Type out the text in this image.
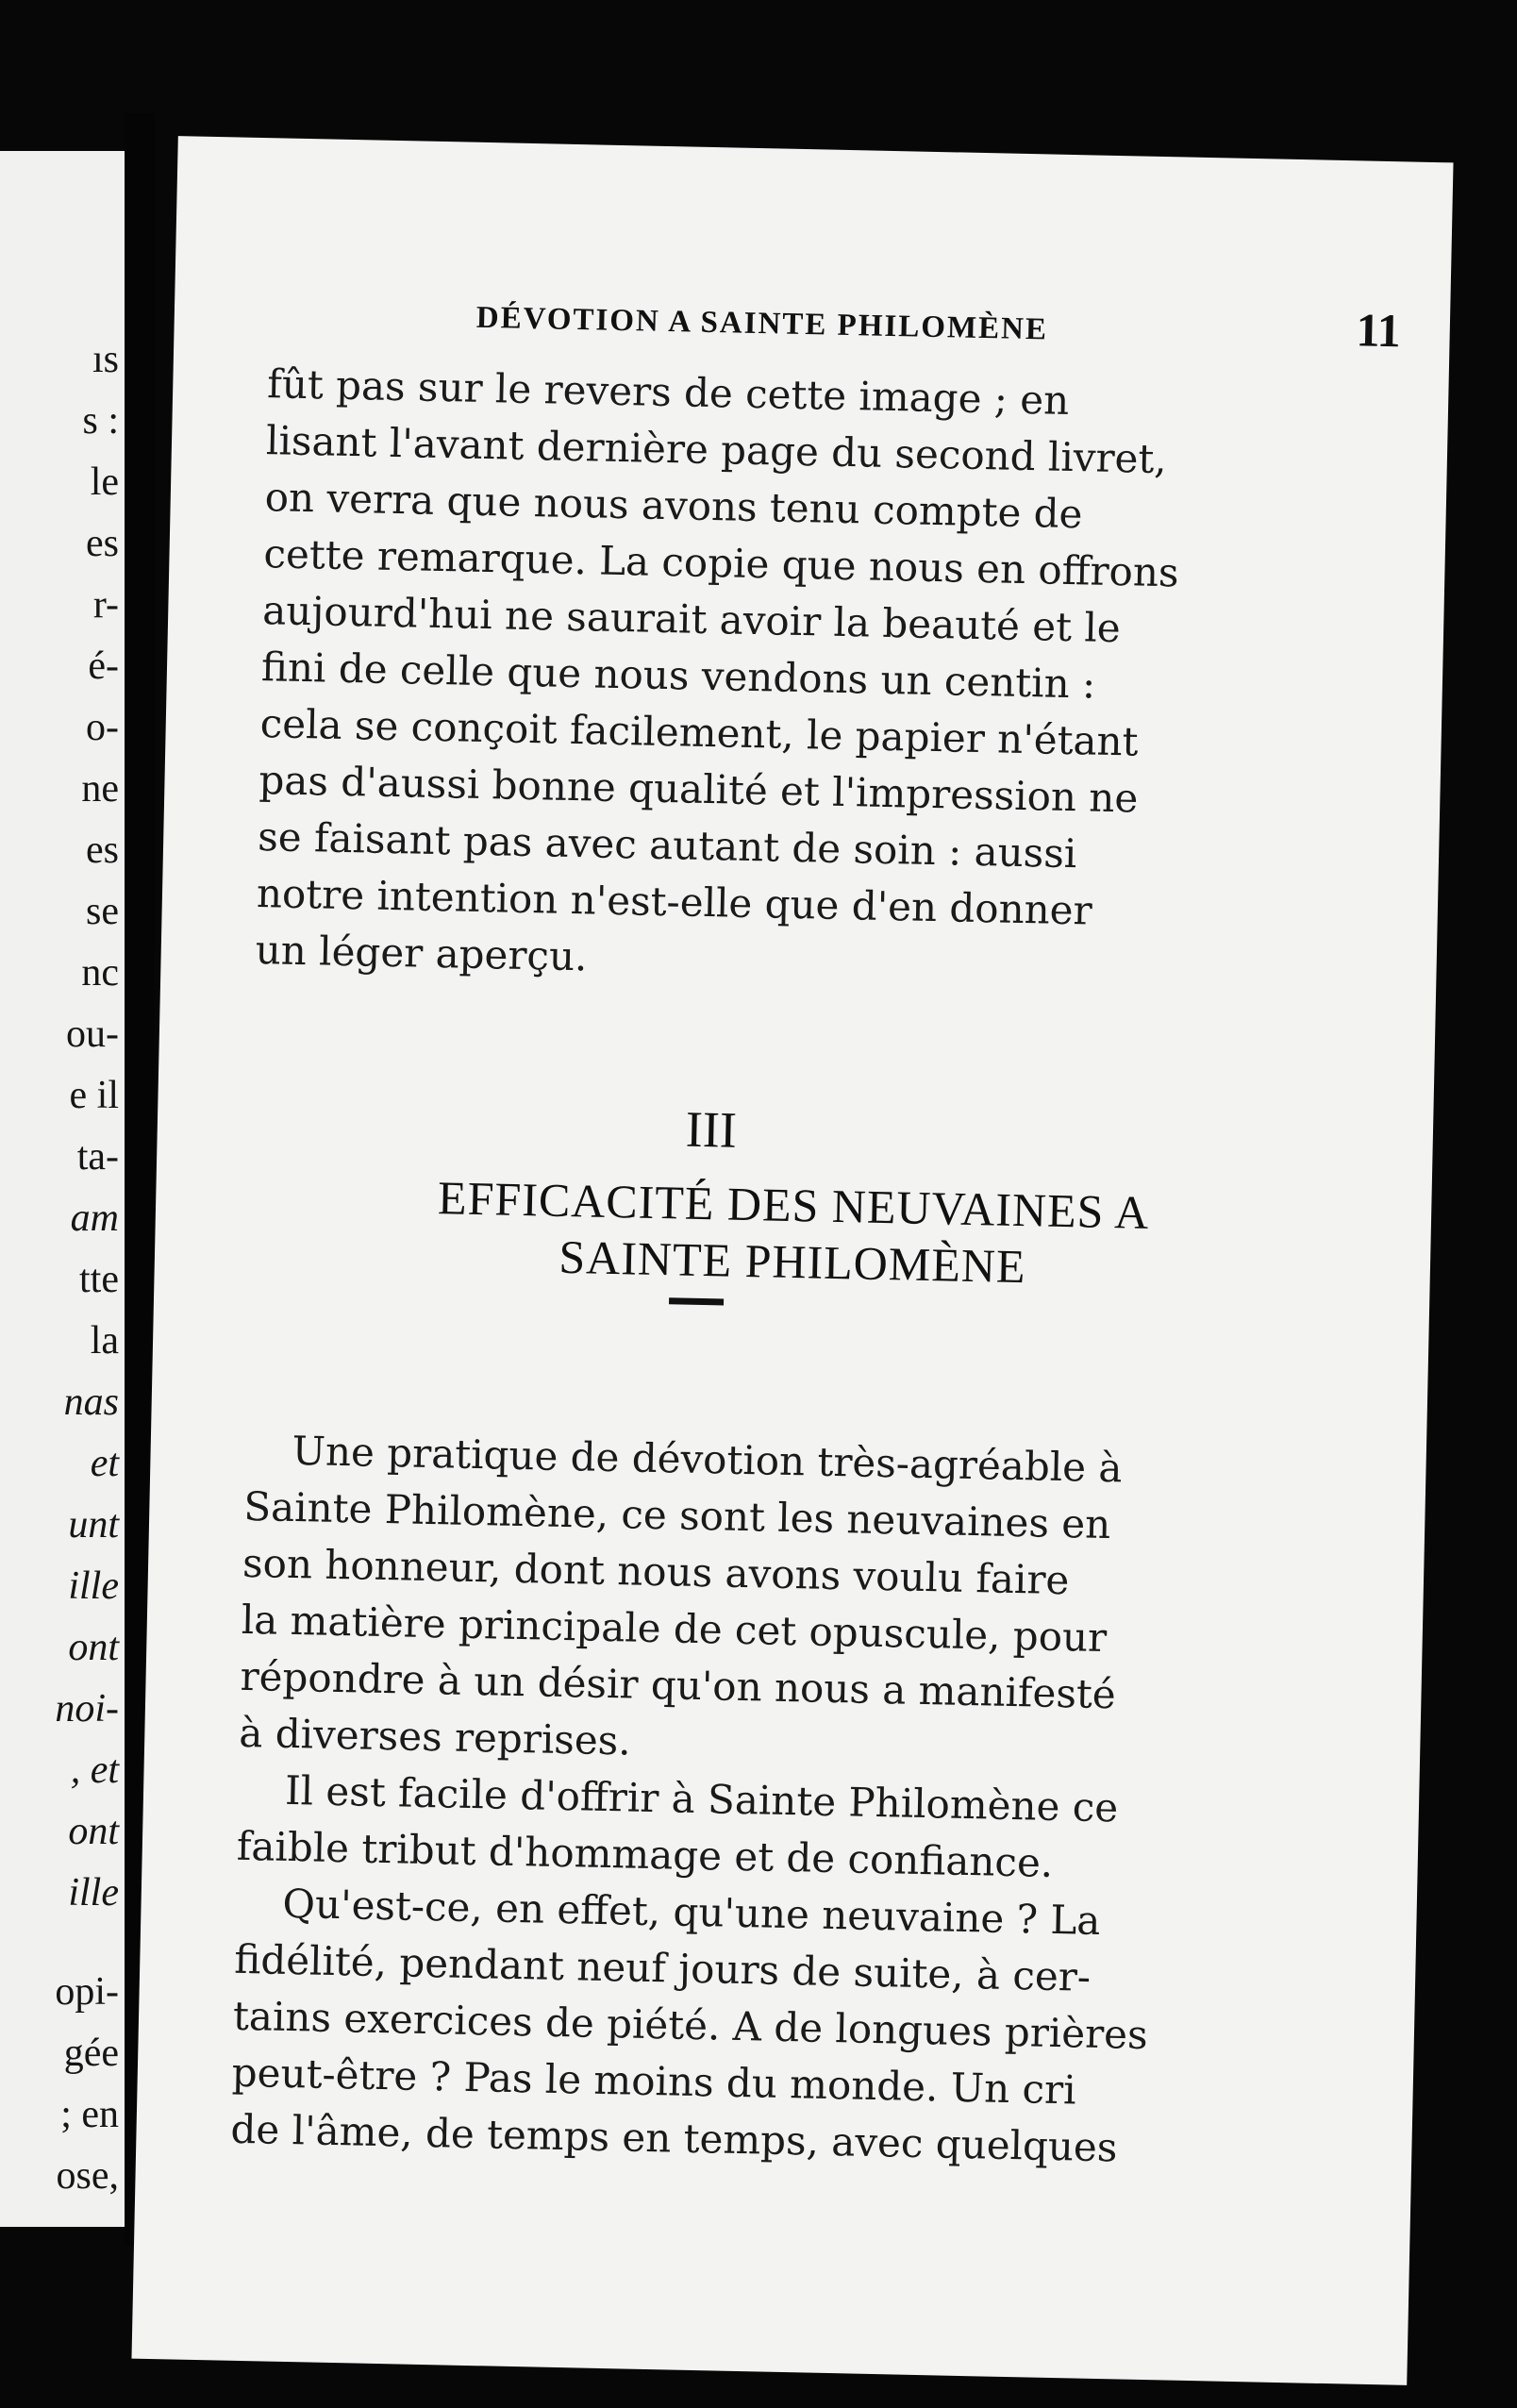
ıs

s :

le

es

r-

é-

o-

ne

es

se

nc

ou-

e il

ta-

am

tte

la

nas

et

unt

ille

ont

noi-

, et

ont

ille

opi-

gée

; en

ose,

DÉVOTION A SAINTE PHILOMÈNE	11

fût pas sur le revers de cette image ; en

lisant l'avant dernière page du second livret,

on verra que nous avons tenu compte de

cette remarque. La copie que nous en offrons

aujourd'hui ne saurait avoir la beauté et le

fini de celle que nous vendons un centin :

cela se conçoit facilement, le papier n'étant

pas d'aussi bonne qualité et l'impression ne

se faisant pas avec autant de soin : aussi

notre intention n'est-elle que d'en donner

un léger aperçu.

III

EFFICACITÉ DES NEUVAINES A

SAINTE PHILOMÈNE

Une pratique de dévotion très-agréable à

Sainte Philomène, ce sont les neuvaines en

son honneur, dont nous avons voulu faire

la matière principale de cet opuscule, pour

répondre à un désir qu'on nous a manifesté

à diverses reprises.

Il est facile d'offrir à Sainte Philomène ce

faible tribut d'hommage et de confiance.

Qu'est-ce, en effet, qu'une neuvaine ? La

fidélité, pendant neuf jours de suite, à cer-

tains exercices de piété. A de longues prières

peut-être ? Pas le moins du monde. Un cri

de l'âme, de temps en temps, avec quelques
